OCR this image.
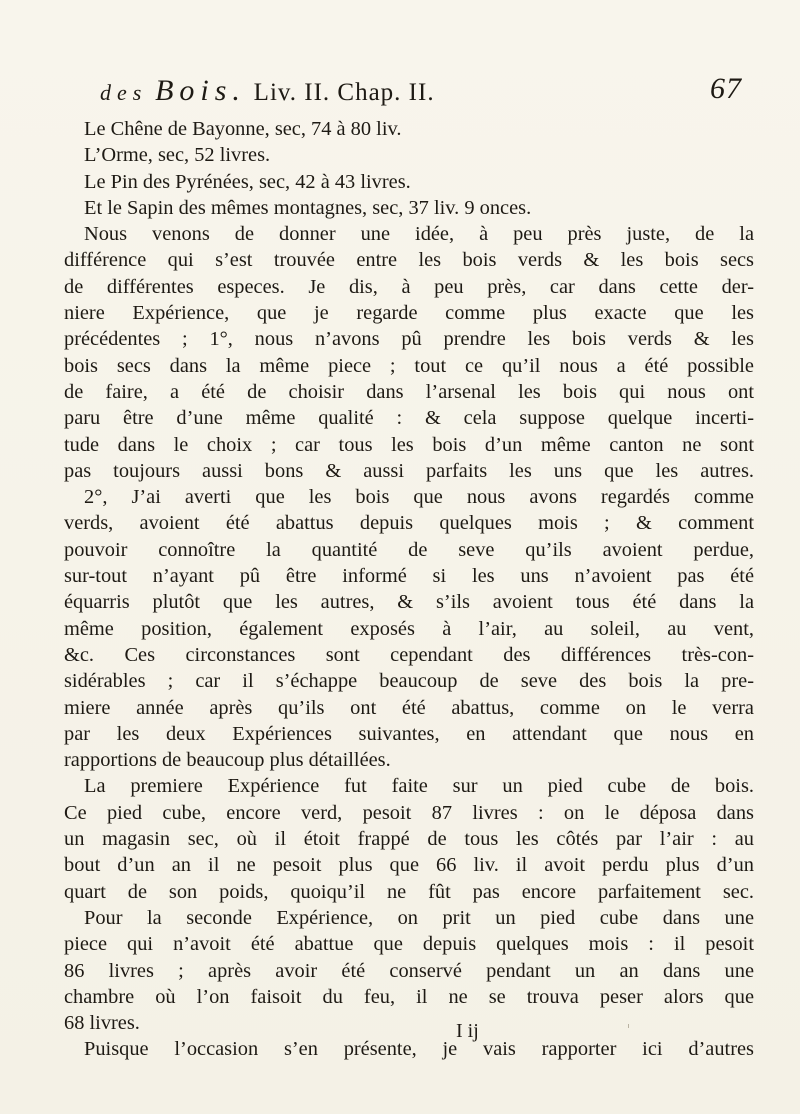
des Bois. Liv. II. Chap. II.	67
Le Chêne de Bayonne, sec, 74 à 80 liv.
L’Orme, sec, 52 livres.
Le Pin des Pyrénées, sec, 42 à 43 livres.
Et le Sapin des mêmes montagnes, sec, 37 liv. 9 onces.
Nous venons de donner une idée, à peu près juste, de la
différence qui s’est trouvée entre les bois verds & les bois secs
de différentes especes. Je dis, à peu près, car dans cette der-
niere Expérience, que je regarde comme plus exacte que les
précédentes ; 1°, nous n’avons pû prendre les bois verds & les
bois secs dans la même piece ; tout ce qu’il nous a été possible
de faire, a été de choisir dans l’arsenal les bois qui nous ont
paru être d’une même qualité : & cela suppose quelque incerti-
tude dans le choix ; car tous les bois d’un même canton ne sont
pas toujours aussi bons & aussi parfaits les uns que les autres.
2°, J’ai averti que les bois que nous avons regardés comme
verds, avoient été abattus depuis quelques mois ; & comment
pouvoir connoître la quantité de seve qu’ils avoient perdue,
sur-tout n’ayant pû être informé si les uns n’avoient pas été
équarris plutôt que les autres, & s’ils avoient tous été dans la
même position, également exposés à l’air, au soleil, au vent,
&c. Ces circonstances sont cependant des différences très-con-
sidérables ; car il s’échappe beaucoup de seve des bois la pre-
miere année après qu’ils ont été abattus, comme on le verra
par les deux Expériences suivantes, en attendant que nous en
rapportions de beaucoup plus détaillées.
La premiere Expérience fut faite sur un pied cube de bois.
Ce pied cube, encore verd, pesoit 87 livres : on le déposa dans
un magasin sec, où il étoit frappé de tous les côtés par l’air : au
bout d’un an il ne pesoit plus que 66 liv. il avoit perdu plus d’un
quart de son poids, quoiqu’il ne fût pas encore parfaitement sec.
Pour la seconde Expérience, on prit un pied cube dans une
piece qui n’avoit été abattue que depuis quelques mois : il pesoit
86 livres ; après avoir été conservé pendant un an dans une
chambre où l’on faisoit du feu, il ne se trouva peser alors que
68 livres.
Puisque l’occasion s’en présente, je vais rapporter ici d’autres
I ij
